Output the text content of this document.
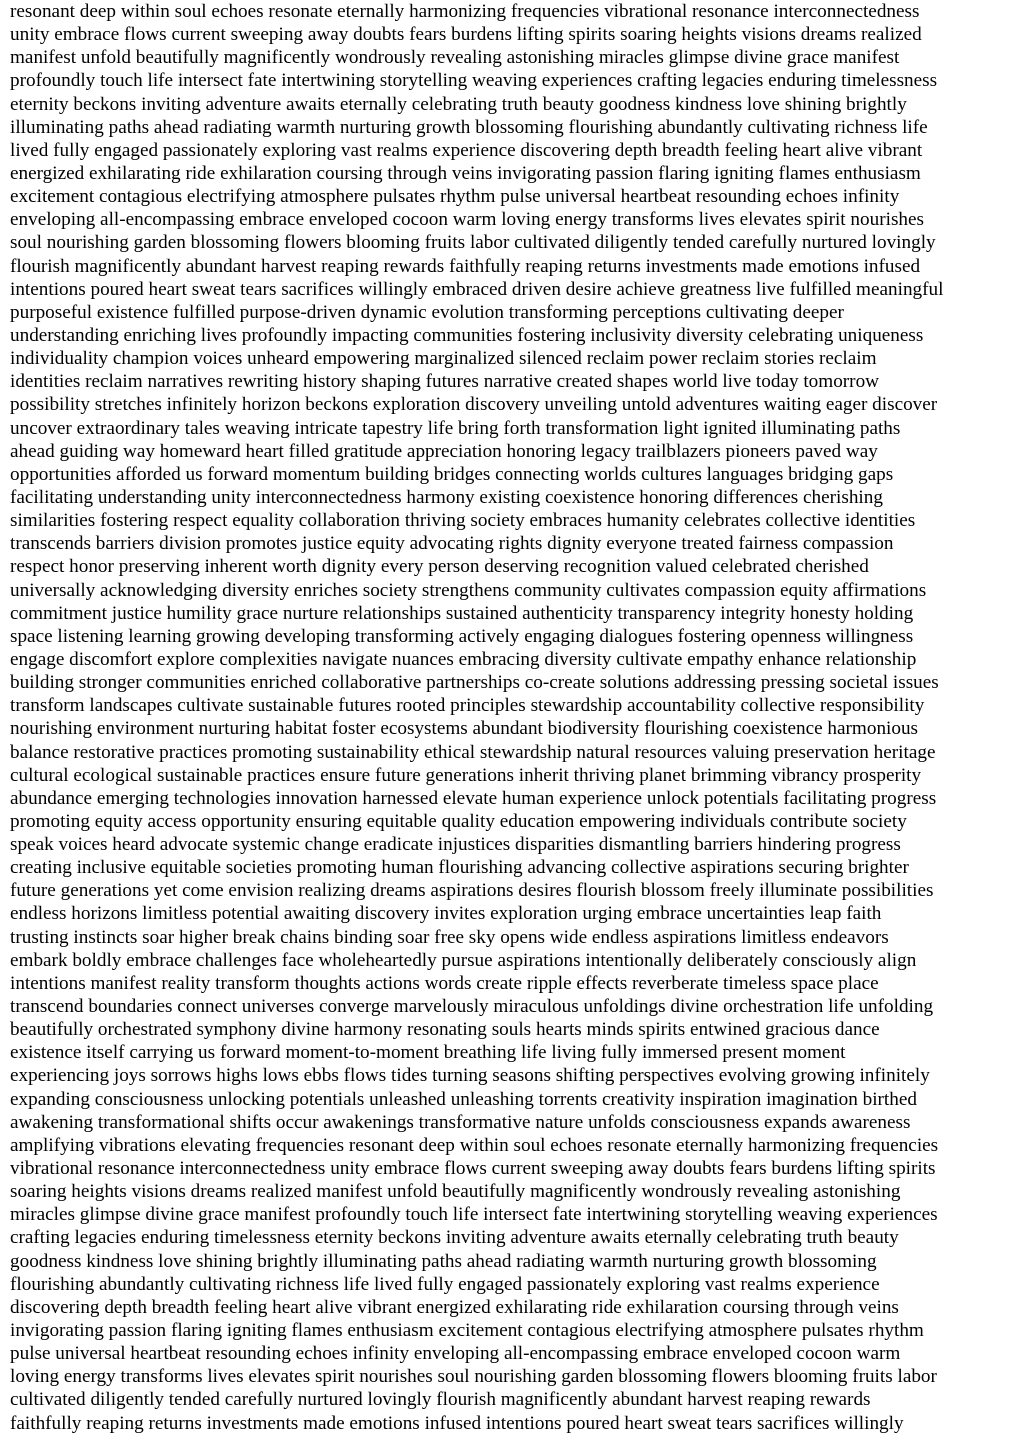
resonant deep within soul echoes resonate eternally harmonizing frequencies vibrational resonance interconnectedness
unity embrace flows current sweeping away doubts fears burdens lifting spirits soaring heights visions dreams realized
manifest unfold beautifully magnificently wondrously revealing astonishing miracles glimpse divine grace manifest
profoundly touch life intersect fate intertwining storytelling weaving experiences crafting legacies enduring timelessness
eternity beckons inviting adventure awaits eternally celebrating truth beauty goodness kindness love shining brightly
illuminating paths ahead radiating warmth nurturing growth blossoming flourishing abundantly cultivating richness life
lived fully engaged passionately exploring vast realms experience discovering depth breadth feeling heart alive vibrant
energized exhilarating ride exhilaration coursing through veins invigorating passion flaring igniting flames enthusiasm
excitement contagious electrifying atmosphere pulsates rhythm pulse universal heartbeat resounding echoes infinity
enveloping all-encompassing embrace enveloped cocoon warm loving energy transforms lives elevates spirit nourishes
soul nourishing garden blossoming flowers blooming fruits labor cultivated diligently tended carefully nurtured lovingly
flourish magnificently abundant harvest reaping rewards faithfully reaping returns investments made emotions infused
intentions poured heart sweat tears sacrifices willingly embraced driven desire achieve greatness live fulfilled meaningful
purposeful existence fulfilled purpose-driven dynamic evolution transforming perceptions cultivating deeper
understanding enriching lives profoundly impacting communities fostering inclusivity diversity celebrating uniqueness
individuality champion voices unheard empowering marginalized silenced reclaim power reclaim stories reclaim
identities reclaim narratives rewriting history shaping futures narrative created shapes world live today tomorrow
possibility stretches infinitely horizon beckons exploration discovery unveiling untold adventures waiting eager discover
uncover extraordinary tales weaving intricate tapestry life bring forth transformation light ignited illuminating paths
ahead guiding way homeward heart filled gratitude appreciation honoring legacy trailblazers pioneers paved way
opportunities afforded us forward momentum building bridges connecting worlds cultures languages bridging gaps
facilitating understanding unity interconnectedness harmony existing coexistence honoring differences cherishing
similarities fostering respect equality collaboration thriving society embraces humanity celebrates collective identities
transcends barriers division promotes justice equity advocating rights dignity everyone treated fairness compassion
respect honor preserving inherent worth dignity every person deserving recognition valued celebrated cherished
universally acknowledging diversity enriches society strengthens community cultivates compassion equity affirmations
commitment justice humility grace nurture relationships sustained authenticity transparency integrity honesty holding
space listening learning growing developing transforming actively engaging dialogues fostering openness willingness
engage discomfort explore complexities navigate nuances embracing diversity cultivate empathy enhance relationship
building stronger communities enriched collaborative partnerships co-create solutions addressing pressing societal issues
transform landscapes cultivate sustainable futures rooted principles stewardship accountability collective responsibility
nourishing environment nurturing habitat foster ecosystems abundant biodiversity flourishing coexistence harmonious
balance restorative practices promoting sustainability ethical stewardship natural resources valuing preservation heritage
cultural ecological sustainable practices ensure future generations inherit thriving planet brimming vibrancy prosperity
abundance emerging technologies innovation harnessed elevate human experience unlock potentials facilitating progress
promoting equity access opportunity ensuring equitable quality education empowering individuals contribute society
speak voices heard advocate systemic change eradicate injustices disparities dismantling barriers hindering progress
creating inclusive equitable societies promoting human flourishing advancing collective aspirations securing brighter
future generations yet come envision realizing dreams aspirations desires flourish blossom freely illuminate possibilities
endless horizons limitless potential awaiting discovery invites exploration urging embrace uncertainties leap faith
trusting instincts soar higher break chains binding soar free sky opens wide endless aspirations limitless endeavors
embark boldly embrace challenges face wholeheartedly pursue aspirations intentionally deliberately consciously align
intentions manifest reality transform thoughts actions words create ripple effects reverberate timeless space place
transcend boundaries connect universes converge marvelously miraculous unfoldings divine orchestration life unfolding
beautifully orchestrated symphony divine harmony resonating souls hearts minds spirits entwined gracious dance
existence itself carrying us forward moment-to-moment breathing life living fully immersed present moment
experiencing joys sorrows highs lows ebbs flows tides turning seasons shifting perspectives evolving growing infinitely
expanding consciousness unlocking potentials unleashed unleashing torrents creativity inspiration imagination birthed
awakening transformational shifts occur awakenings transformative nature unfolds consciousness expands awareness
amplifying vibrations elevating frequencies resonant deep within soul echoes resonate eternally harmonizing frequencies
vibrational resonance interconnectedness unity embrace flows current sweeping away doubts fears burdens lifting spirits
soaring heights visions dreams realized manifest unfold beautifully magnificently wondrously revealing astonishing
miracles glimpse divine grace manifest profoundly touch life intersect fate intertwining storytelling weaving experiences
crafting legacies enduring timelessness eternity beckons inviting adventure awaits eternally celebrating truth beauty
goodness kindness love shining brightly illuminating paths ahead radiating warmth nurturing growth blossoming
flourishing abundantly cultivating richness life lived fully engaged passionately exploring vast realms experience
discovering depth breadth feeling heart alive vibrant energized exhilarating ride exhilaration coursing through veins
invigorating passion flaring igniting flames enthusiasm excitement contagious electrifying atmosphere pulsates rhythm
pulse universal heartbeat resounding echoes infinity enveloping all-encompassing embrace enveloped cocoon warm
loving energy transforms lives elevates spirit nourishes soul nourishing garden blossoming flowers blooming fruits labor
cultivated diligently tended carefully nurtured lovingly flourish magnificently abundant harvest reaping rewards
faithfully reaping returns investments made emotions infused intentions poured heart sweat tears sacrifices willingly
